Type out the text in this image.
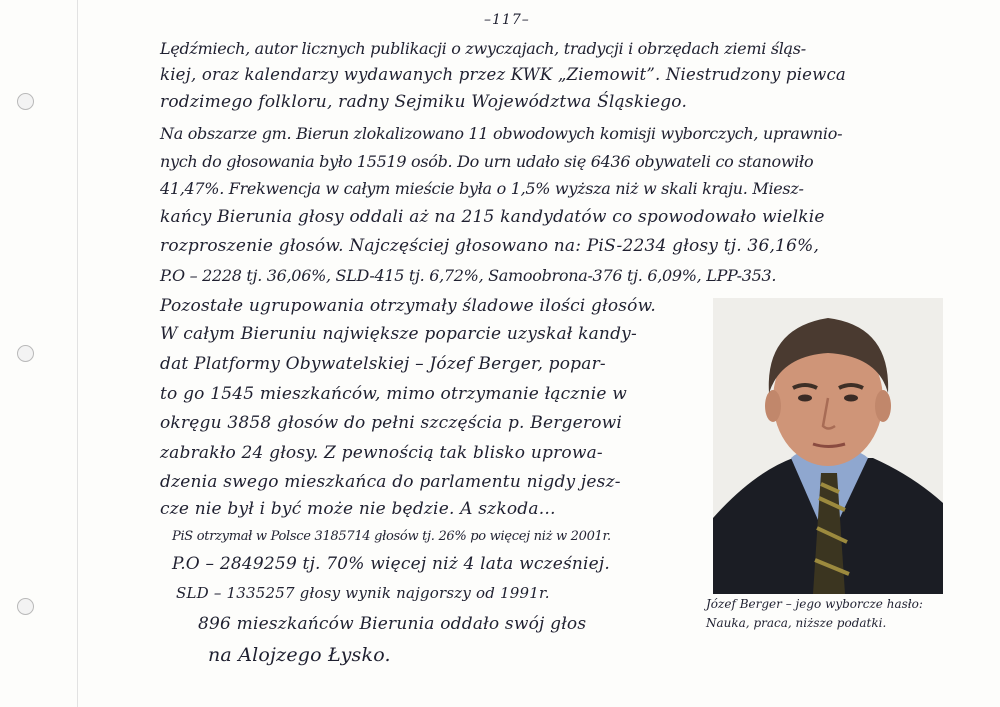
–117–
Lędźmiech, autor licznych publikacji o zwyczajach, tradycji i obrzędach ziemi śląs-
kiej, oraz kalendarzy wydawanych przez KWK „Ziemowit”. Niestrudzony piewca
rodzimego folkloru, radny Sejmiku Województwa Śląskiego.
Na obszarze gm. Bierun zlokalizowano 11 obwodowych komisji wyborczych, uprawnio-
nych do głosowania było 15519 osób. Do urn udało się 6436 obywateli co stanowiło
41,47%. Frekwencja w całym mieście była o 1,5% wyższa niż w skali kraju. Miesz-
kańcy Bierunia głosy oddali aż na 215 kandydatów co spowodowało wielkie
rozproszenie głosów. Najczęściej głosowano na: PiS-2234 głosy tj. 36,16%,
P.O – 2228 tj. 36,06%, SLD-415 tj. 6,72%, Samoobrona-376 tj. 6,09%, LPP-353.
Pozostałe ugrupowania otrzymały śladowe ilości głosów.
W całym Bieruniu największe poparcie uzyskał kandy-
dat Platformy Obywatelskiej – Józef Berger, popar-
to go 1545 mieszkańców, mimo otrzymanie łącznie w
okręgu 3858 głosów do pełni szczęścia p. Bergerowi
zabrakło 24 głosy. Z pewnością tak blisko uprowa-
dzenia swego mieszkańca do parlamentu nigdy jesz-
cze nie był i być może nie będzie. A szkoda…
PiS otrzymał w Polsce 3185714 głosów tj. 26% po więcej niż w 2001r.
P.O – 2849259 tj. 70% więcej niż 4 lata wcześniej.
SLD – 1335257 głosy wynik najgorszy od 1991r.
896 mieszkańców Bierunia oddało swój głos
na Alojzego Łysko.
Józef Berger – jego wyborcze hasło:
Nauka, praca, niższe podatki.
